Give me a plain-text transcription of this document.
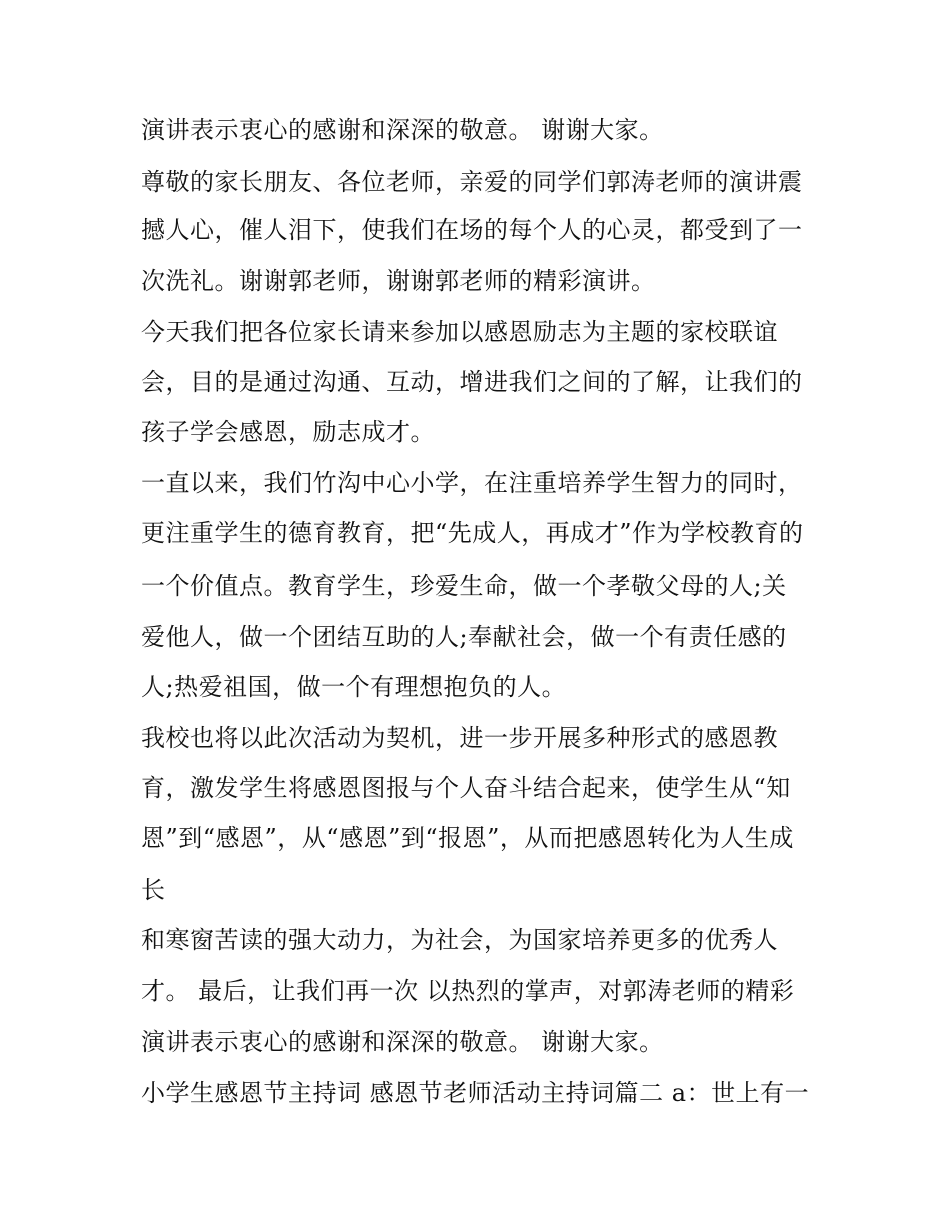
演讲表示衷心的感谢和深深的敬意。 谢谢大家。

尊敬的家长朋友、各位老师，亲爱的同学们郭涛老师的演讲震

撼人心，催人泪下，使我们在场的每个人的心灵，都受到了一

次洗礼。谢谢郭老师，谢谢郭老师的精彩演讲。

今天我们把各位家长请来参加以感恩励志为主题的家校联谊

会，目的是通过沟通、互动，增进我们之间的了解，让我们的

孩子学会感恩，励志成才。

一直以来，我们竹沟中心小学，在注重培养学生智力的同时，

更注重学生的德育教育，把“先成人，再成才”作为学校教育的

一个价值点。教育学生，珍爱生命，做一个孝敬父母的人;关

爱他人，做一个团结互助的人;奉献社会，做一个有责任感的

人;热爱祖国，做一个有理想抱负的人。

我校也将以此次活动为契机，进一步开展多种形式的感恩教

育，激发学生将感恩图报与个人奋斗结合起来，使学生从“知

恩”到“感恩”，从“感恩”到“报恩”，从而把感恩转化为人生成

长

和寒窗苦读的强大动力，为社会，为国家培养更多的优秀人

才。 最后，让我们再一次 以热烈的掌声，对郭涛老师的精彩

演讲表示衷心的感谢和深深的敬意。 谢谢大家。

小学生感恩节主持词 感恩节老师活动主持词篇二 a：世上有一
